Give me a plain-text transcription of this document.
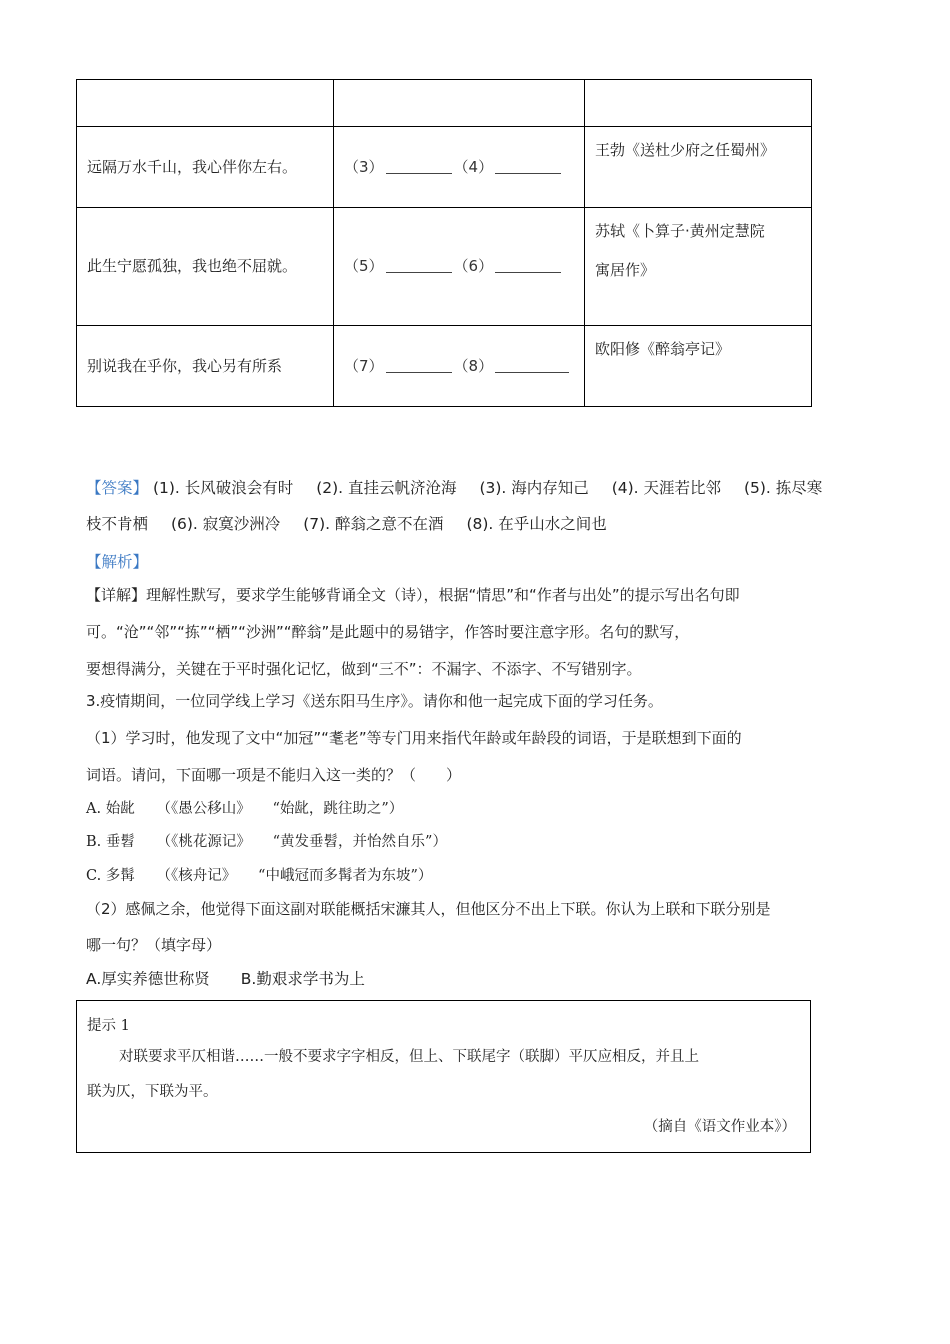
远隔万水千山，我心伴你左右。	（3） （4）	王勃《送杜少府之任蜀州》
此生宁愿孤独，我也绝不屈就。	（5） （6）	苏轼《卜算子·黄州定慧院
寓居作》

别说我在乎你，我心另有所系	（7） （8）	欧阳修《醉翁亭记》
【答案】 (1). 长风破浪会有时 (2). 直挂云帆济沧海 (3). 海内存知己 (4). 天涯若比邻 (5). 拣尽寒
枝不肯栖 (6). 寂寞沙洲冷 (7). 醉翁之意不在酒 (8). 在乎山水之间也
【解析】
【详解】理解性默写，要求学生能够背诵全文（诗），根据“情思”和“作者与出处”的提示写出名句即
可。“沧”“邻”“拣”“栖”“沙洲”“醉翁”是此题中的易错字，作答时要注意字形。名句的默写，
要想得满分，关键在于平时强化记忆，做到“三不”：不漏字、不添字、不写错别字。
3.疫情期间，一位同学线上学习《送东阳马生序》。请你和他一起完成下面的学习任务。
（1）学习时，他发现了文中“加冠”“耄老”等专门用来指代年龄或年龄段的词语，于是联想到下面的
词语。请问，下面哪一项是不能归入这一类的？（　　）
A. 始龀　　（《愚公移山》　　“始龀，跳往助之”）
B. 垂髫　　（《桃花源记》　　“黄发垂髫，并怡然自乐”）
C. 多髯　　（《核舟记》　　“中峨冠而多髯者为东坡”）
（2）感佩之余，他觉得下面这副对联能概括宋濂其人，但他区分不出上下联。你认为上联和下联分别是
哪一句？（填字母）
A.厚实养德世称贤　　B.勤艰求学书为上
提示 1
对联要求平仄相谐……一般不要求字字相反，但上、下联尾字（联脚）平仄应相反，并且上
联为仄，下联为平。
（摘自《语文作业本》）
